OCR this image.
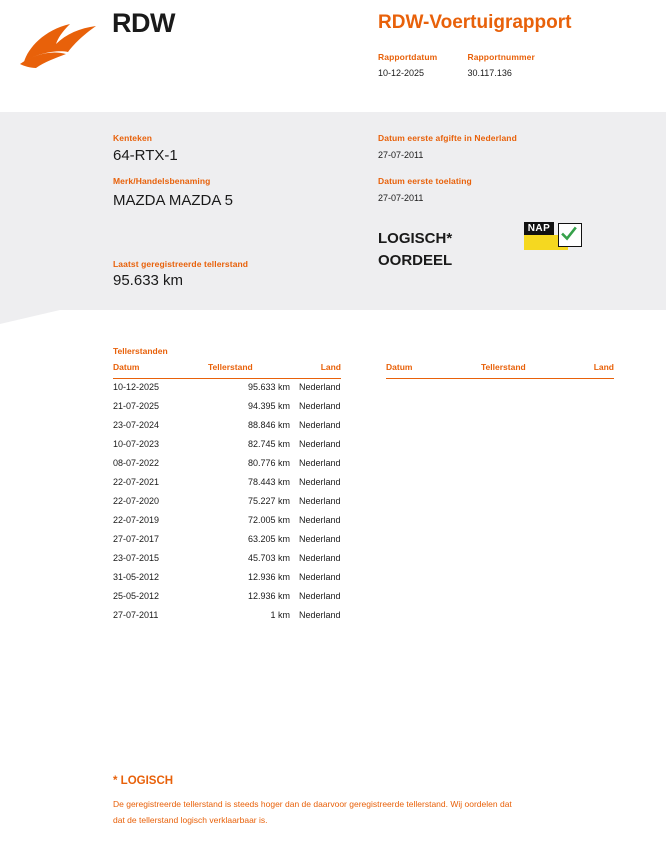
RDW	RDW-Voertuigrapport
Rapportdatum
10-12-2025

Rapportnummer
30.117.136
Kenteken
64-RTX-1
Merk/Handelsbenaming
MAZDA MAZDA 5
Laatst geregistreerde tellerstand
95.633 km
Datum eerste afgifte in Nederland
27-07-2011
Datum eerste toelating
27-07-2011
LOGISCH*
OORDEEL
NAP
Tellerstanden
Datum	Tellerstand	Land
10-12-2025	95.633 km Nederland
21-07-2025	94.395 km Nederland
23-07-2024	88.846 km Nederland
10-07-2023	82.745 km Nederland
08-07-2022	80.776 km Nederland
22-07-2021	78.443 km Nederland
22-07-2020	75.227 km Nederland
22-07-2019	72.005 km Nederland
27-07-2017	63.205 km Nederland
23-07-2015	45.703 km Nederland
31-05-2012	12.936 km Nederland
25-05-2012	12.936 km Nederland
27-07-2011	1 km Nederland
Datum	Tellerstand	Land
* LOGISCH
De geregistreerde tellerstand is steeds hoger dan de daarvoor geregistreerde tellerstand. Wij oordelen dat
dat de tellerstand logisch verklaarbaar is.
